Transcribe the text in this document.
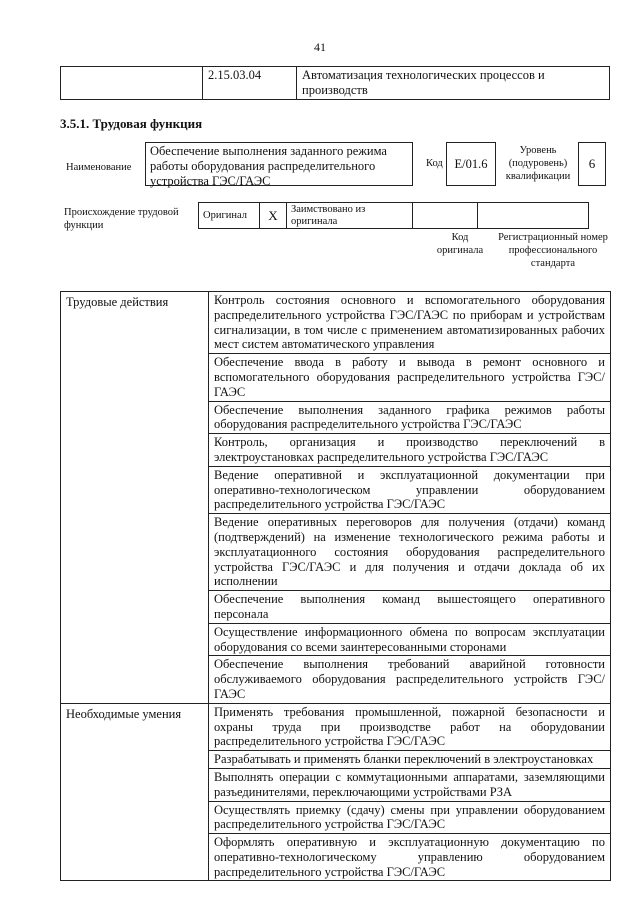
41
	2.15.03.04	Автоматизация технологических процессов и производств
3.5.1. Трудовая функция
Наименование
Обеспечение выполнения заданного режима работы оборудования распределительного устройства ГЭС/ГАЭС
Код E/01.6
Уровень (подуровень) квалификации
6
Происхождение трудовой функции
Оригинал	X	Заимствовано из оригинала		
Код оригинала
Регистрационный номер профессионального стандарта
Трудовые действия	Контроль состояния основного и вспомогательного оборудования распределительного устройства ГЭС/ГАЭС по приборам и устройствам сигнализации, в том числе с применением автоматизированных рабочих мест систем автоматического управления
	Обеспечение ввода в работу и вывода в ремонт основного и вспомогательного оборудования распределительного устройства ГЭС/ГАЭС
	Обеспечение выполнения заданного графика режимов работы оборудования распределительного устройства ГЭС/ГАЭС
	Контроль, организация и производство переключений в электроустановках распределительного устройства ГЭС/ГАЭС
	Ведение оперативной и эксплуатационной документации при оперативно-технологическом управлении оборудованием распределительного устройства ГЭС/ГАЭС
	Ведение оперативных переговоров для получения (отдачи) команд (подтверждений) на изменение технологического режима работы и эксплуатационного состояния оборудования распределительного устройства ГЭС/ГАЭС и для получения и отдачи доклада об их исполнении
	Обеспечение выполнения команд вышестоящего оперативного персонала
	Осуществление информационного обмена по вопросам эксплуатации оборудования со всеми заинтересованными сторонами
	Обеспечение выполнения требований аварийной готовности обслуживаемого оборудования распределительного устройств ГЭС/ГАЭС
Необходимые умения	Применять требования промышленной, пожарной безопасности и охраны труда при производстве работ на оборудовании распределительного устройства ГЭС/ГАЭС
	Разрабатывать и применять бланки переключений в электроустановках
	Выполнять операции с коммутационными аппаратами, заземляющими разъединителями, переключающими устройствами РЗА
	Осуществлять приемку (сдачу) смены при управлении оборудованием распределительного устройства ГЭС/ГАЭС
	Оформлять оперативную и эксплуатационную документацию по оперативно-технологическому управлению оборудованием распределительного устройства ГЭС/ГАЭС
